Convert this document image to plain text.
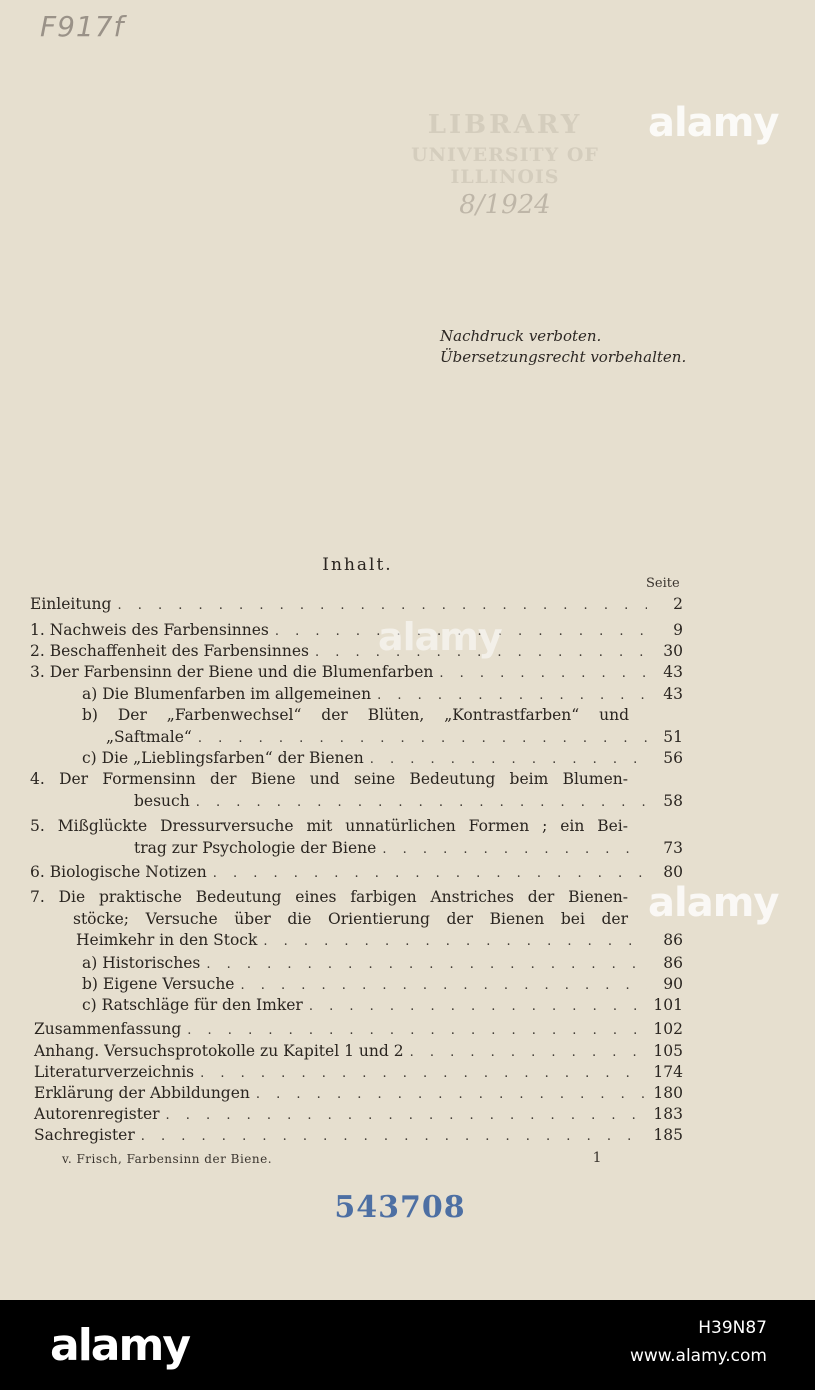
F917f
LIBRARY
UNIVERSITY OF ILLINOIS
8/1924
Nachdruck verboten.
Übersetzungsrecht vorbehalten.
Inhalt.
Seite
Einleitung . . .	2
1. Nachweis des Farbensinnes . . .	9
2. Beschaffenheit des Farbensinnes . . .	30
3. Der Farbensinn der Biene und die Blumenfarben . . .	43
a) Die Blumenfarben im allgemeinen . . .	43
b) Der „Farbenwechsel“ der Blüten, „Kontrastfarben“ und
„Saftmale“ . . .	51
c) Die „Lieblingsfarben“ der Bienen . . .	56
4. Der Formensinn der Biene und seine Bedeutung beim Blumen-
besuch . . .	58
5. Mißglückte Dressurversuche mit unnatürlichen Formen ; ein Bei-
trag zur Psychologie der Biene . . .	73
6. Biologische Notizen . . .	80
7. Die praktische Bedeutung eines farbigen Anstriches der Bienen-
stöcke; Versuche über die Orientierung der Bienen bei der
Heimkehr in den Stock . . .	86
a) Historisches . . .	86
b) Eigene Versuche . . .	90
c) Ratschläge für den Imker . . .	101
Zusammenfassung . . .	102
Anhang. Versuchsprotokolle zu Kapitel 1 und 2 . . .	105
Literaturverzeichnis . . .	174
Erklärung der Abbildungen . . .	180
Autorenregister . . .	183
Sachregister . . .	185
v. Frisch, Farbensinn der Biene.	1
543708
alamy
alamy
alamy
alamy	H39N87
www.alamy.com
